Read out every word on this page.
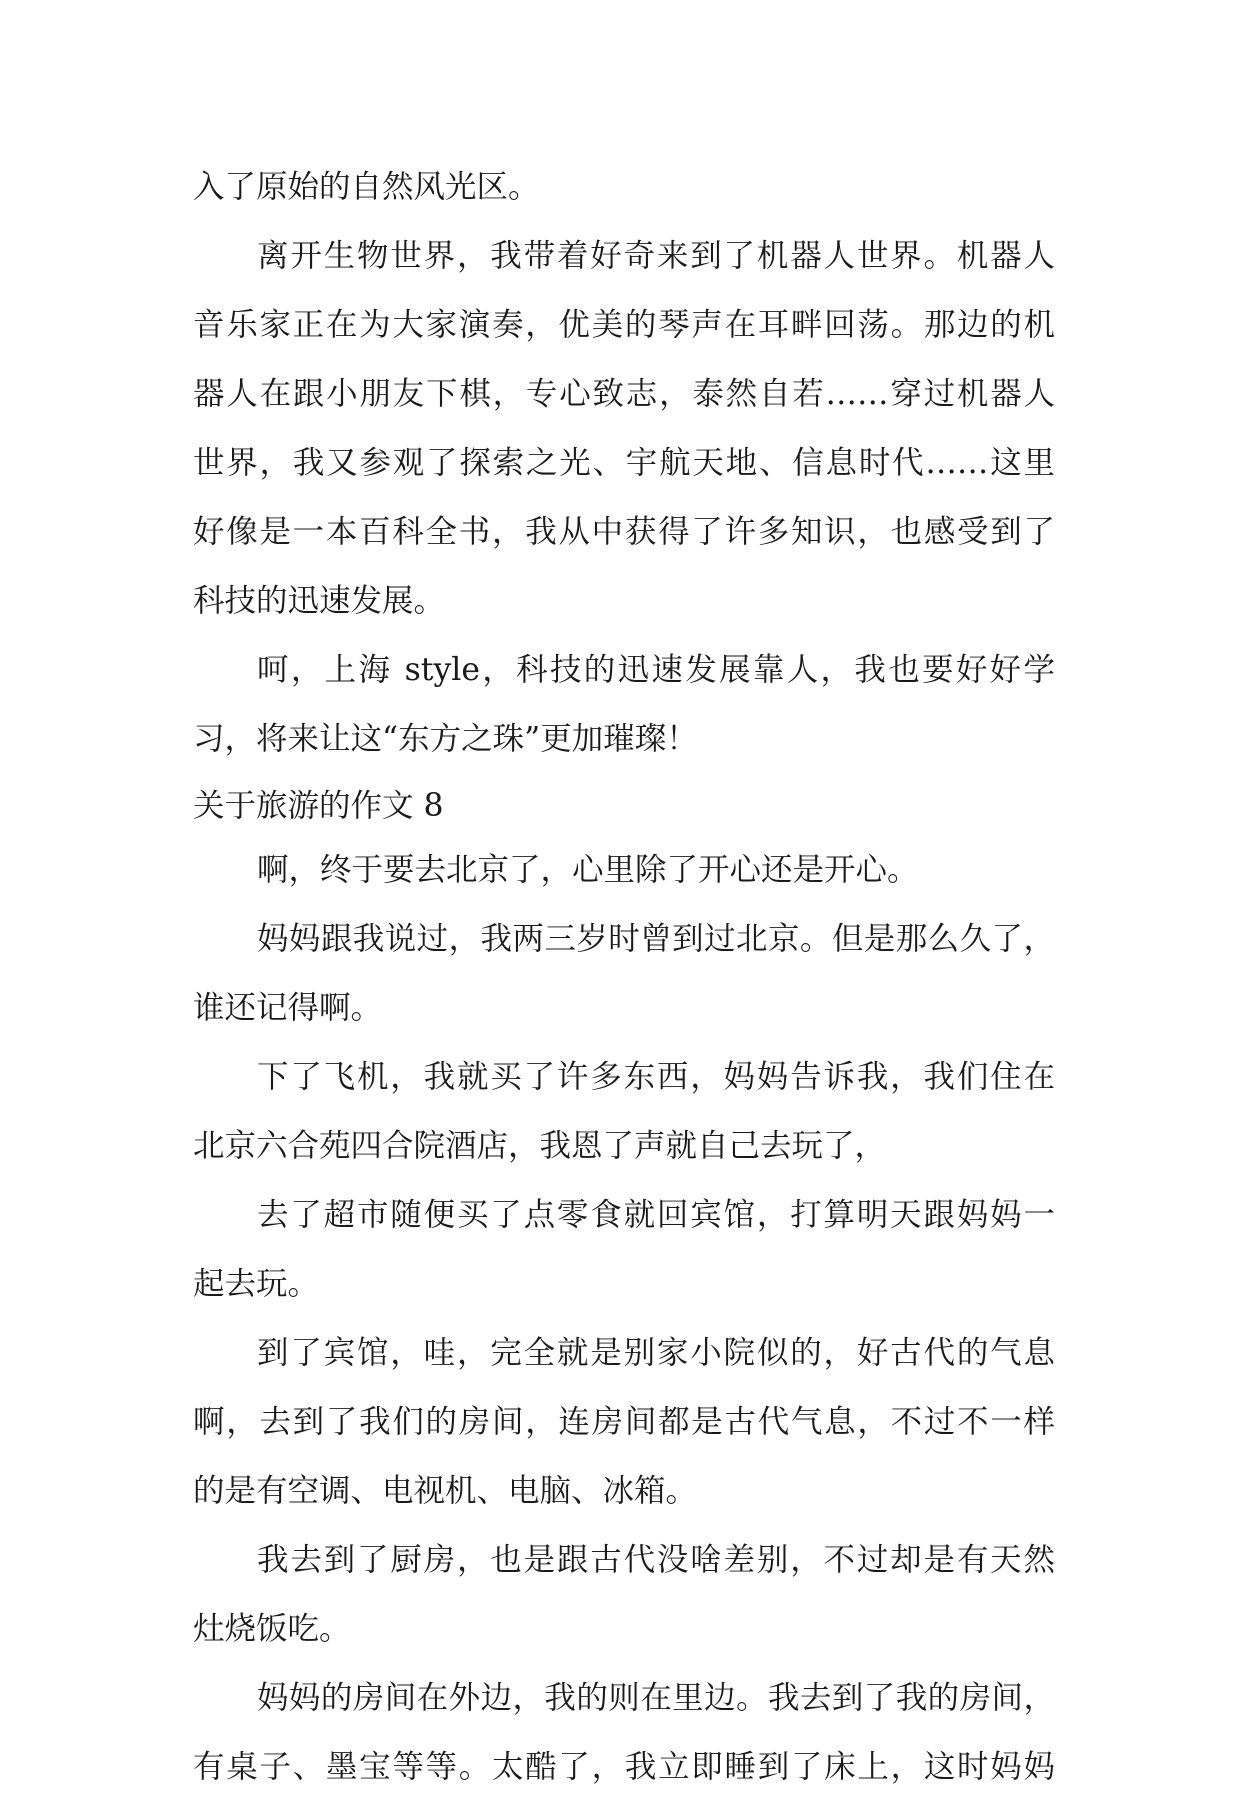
入了原始的自然风光区。
离开生物世界，我带着好奇来到了机器人世界。机器人
音乐家正在为大家演奏，优美的琴声在耳畔回荡。那边的机
器人在跟小朋友下棋，专心致志，泰然自若……穿过机器人
世界，我又参观了探索之光、宇航天地、信息时代……这里
好像是一本百科全书，我从中获得了许多知识，也感受到了
科技的迅速发展。
呵，上海 style，科技的迅速发展靠人，我也要好好学
习，将来让这“东方之珠”更加璀璨！
关于旅游的作文 8
啊，终于要去北京了，心里除了开心还是开心。
妈妈跟我说过，我两三岁时曾到过北京。但是那么久了，
谁还记得啊。
下了飞机，我就买了许多东西，妈妈告诉我，我们住在
北京六合苑四合院酒店，我恩了声就自己去玩了，
去了超市随便买了点零食就回宾馆，打算明天跟妈妈一
起去玩。
到了宾馆，哇，完全就是别家小院似的，好古代的气息
啊，去到了我们的房间，连房间都是古代气息，不过不一样
的是有空调、电视机、电脑、冰箱。
我去到了厨房，也是跟古代没啥差别，不过却是有天然
灶烧饭吃。
妈妈的房间在外边，我的则在里边。我去到了我的房间，
有桌子、墨宝等等。太酷了，我立即睡到了床上，这时妈妈
